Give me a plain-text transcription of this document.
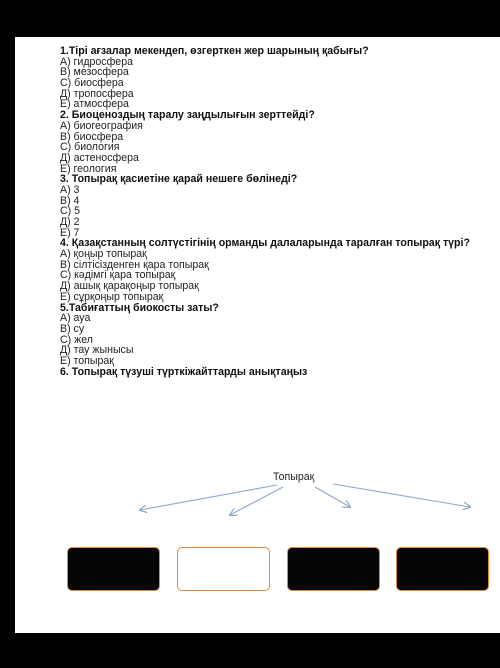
1.Тірі ағзалар мекендеп, өзгерткен жер шарының қабығы?
А) гидросфера
В) мезосфера
С) биосфера
Д) тропосфера
Е) атмосфера
2. Биоценоздың таралу заңдылығын зерттейді?
А) биогеография
В) биосфера
С) биология
Д) астеносфера
Е) геология
3. Топырақ қасиетіне қарай нешеге бөлінеді?
А) 3
В) 4
С) 5
Д) 2
Е) 7
4. Қазақстанның солтүстігінің орманды далаларында таралған топырақ түрі?
А) қоңыр топырақ
В) сілтісізденген қара топырақ
С) кәдімгі қара топырақ
Д) ашық қарақоңыр топырақ
Е) сұрқоңыр топырақ
5.Табиғаттың биокосты заты?
А) ауа
В) су
С) жел
Д) тау жынысы
Е) топырақ
6. Топырақ түзуші түрткіжайттарды анықтаңыз
Топырақ
